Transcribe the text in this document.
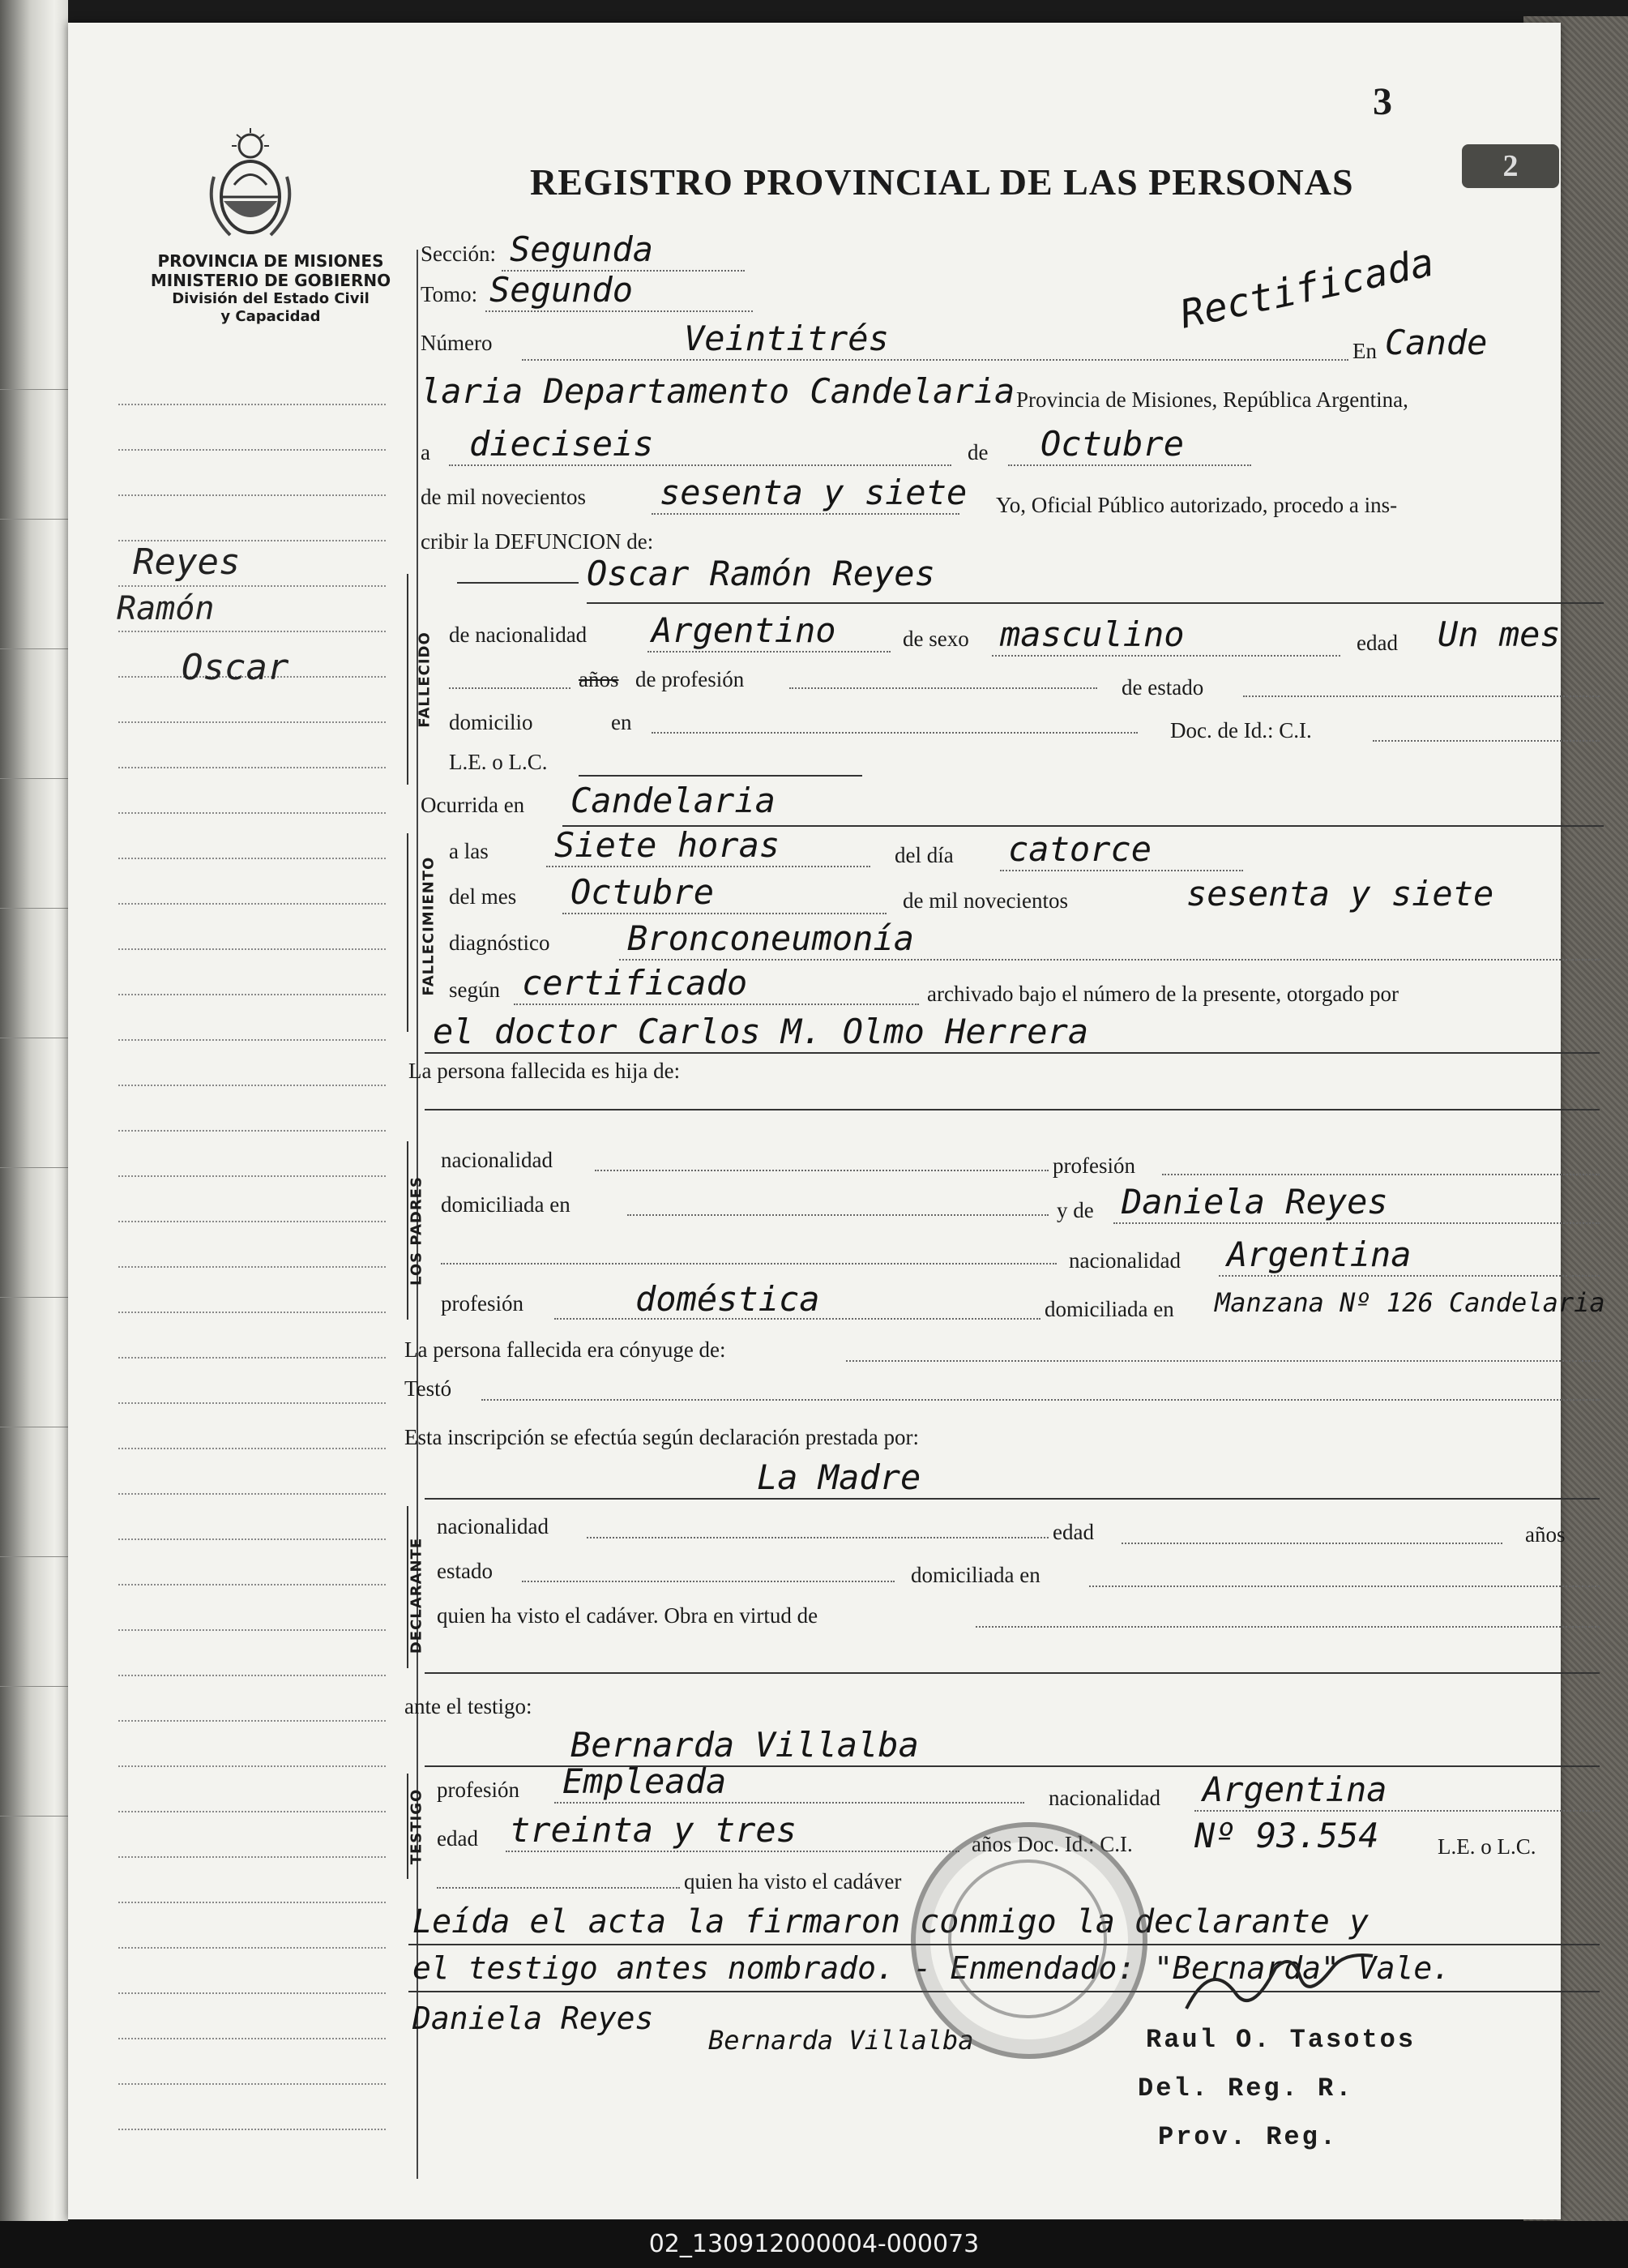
3
2
REGISTRO PROVINCIAL DE LAS PERSONAS
PROVINCIA DE MISIONES
MINISTERIO DE GOBIERNO
División del Estado Civil
y Capacidad
Reyes
Ramón
Oscar
Sección: Segunda
Tomo: Segundo	Rectificada
Número	Veintitrés	En Cande
laria Departamento Candelaria Provincia de Misiones, República Argentina,
a dieciseis	de Octubre
de mil novecientos sesenta y siete Yo, Oficial Público autorizado, procedo a ins-
cribir la DEFUNCION de:
FALLECIDO
Oscar Ramón Reyes
de nacionalidad Argentino	de sexo masculino	edad Un mes
años de profesión	de estado
domicilio	en	Doc. de Id.: C.I.
L.E. o L.C.
Ocurrida en Candelaria
FALLECIMIENTO
a las Siete horas	del día catorce
del mes Octubre	de mil novecientos	sesenta y siete
diagnóstico Bronconeumonía
según certificado	archivado bajo el número de la presente, otorgado por
el doctor Carlos M. Olmo Herrera
La persona fallecida es hija de:
LOS PADRES
nacionalidad	profesión
domiciliada en	y de Daniela Reyes
nacionalidad Argentina
profesión	doméstica	domiciliada en Manzana Nº 126 Candelaria
La persona fallecida era cónyuge de:
Testó
Esta inscripción se efectúa según declaración prestada por:
La Madre
DECLARANTE
nacionalidad	edad	años
estado	domiciliada en
quien ha visto el cadáver. Obra en virtud de
ante el testigo:
Bernarda Villalba
TESTIGO profesión Empleada	nacionalidad Argentina
edad treinta y tres	años Doc. Id.: C.I. Nº 93.554	L.E. o L.C.
quien ha visto el cadáver
Leída el acta la firmaron conmigo la declarante y
el testigo antes nombrado. - Enmendado: "Bernarda" Vale.
Daniela Reyes
Bernarda Villalba	Raul O. Tasotos
Del. Reg. R.
Prov. Reg.
02_130912000004-000073
